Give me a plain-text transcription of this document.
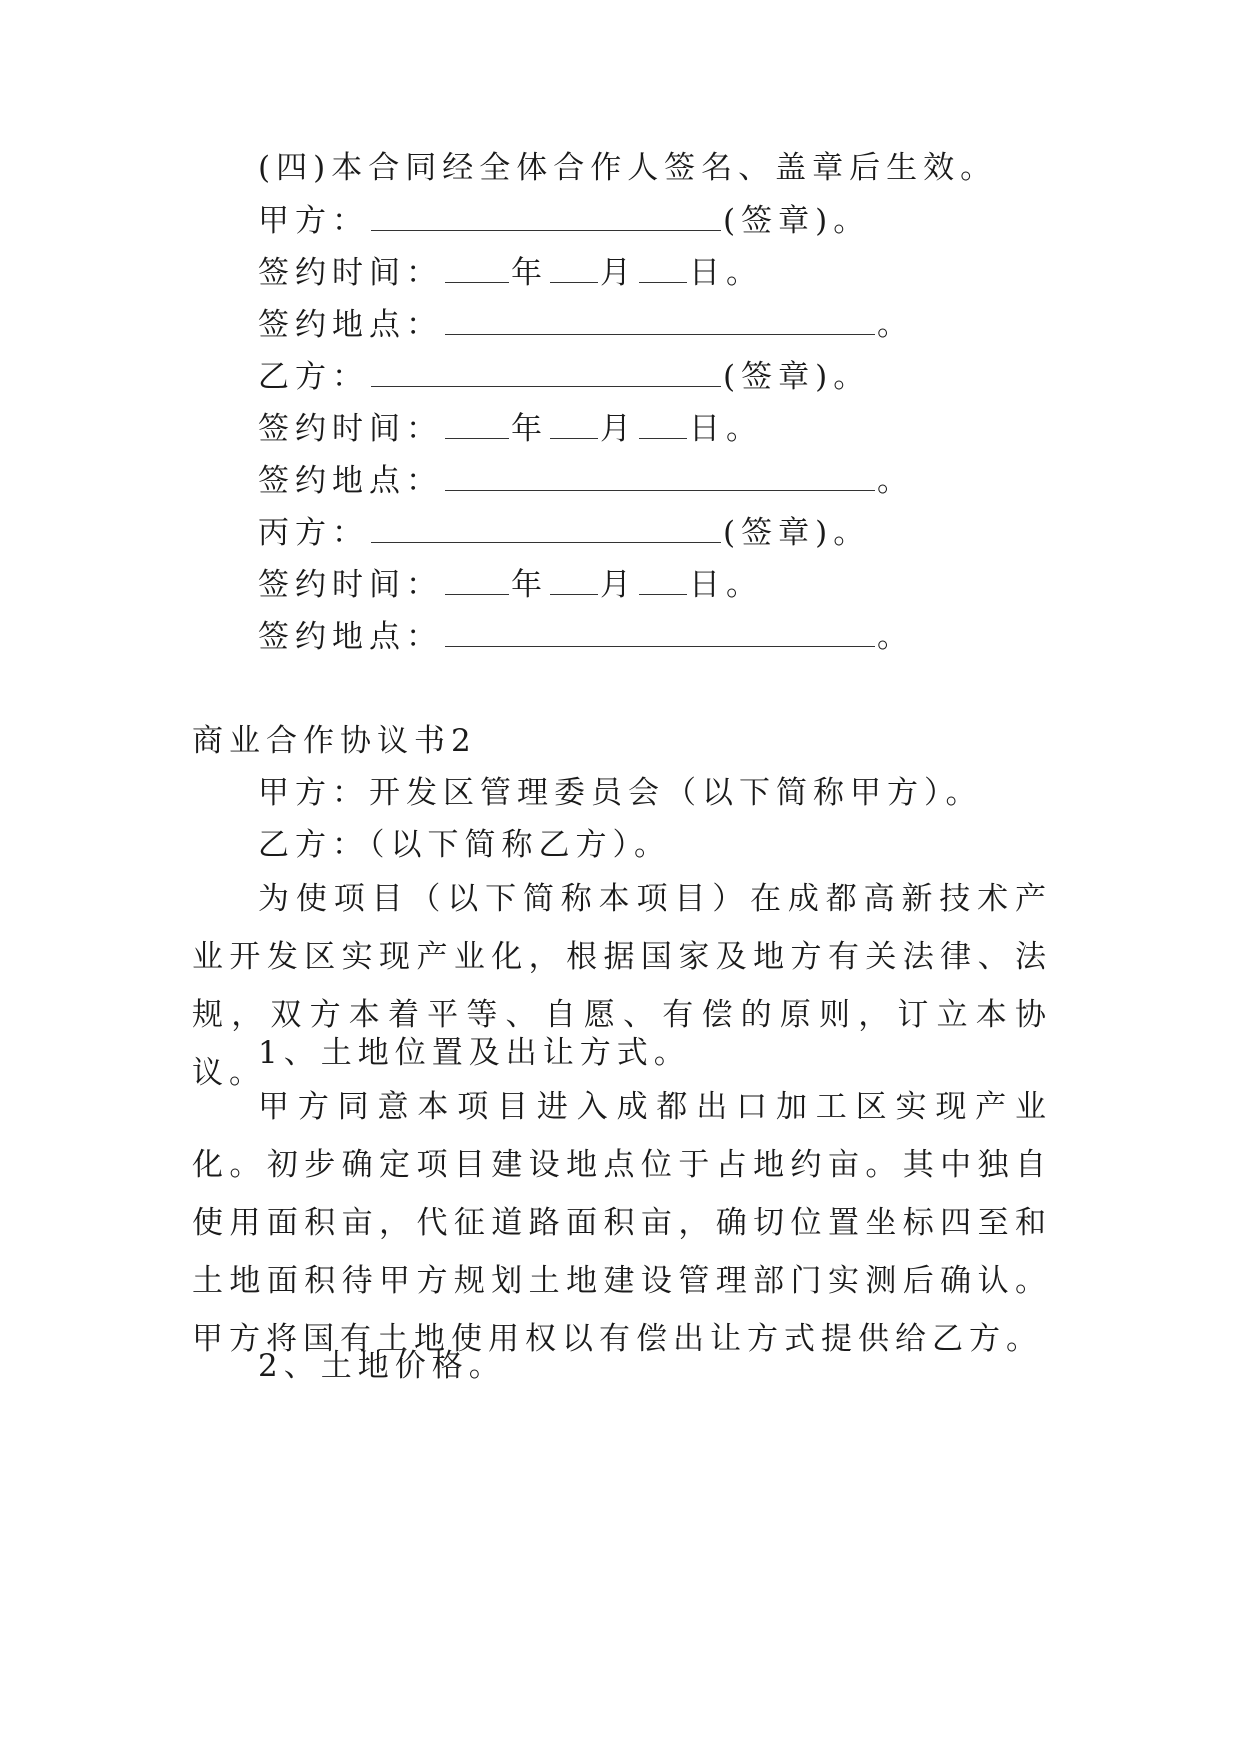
(四)本合同经全体合作人签名、盖章后生效。
甲方：	(签章)。
签约时间： 年 月 日。
签约地点：	。
乙方：	(签章)。
签约时间： 年 月 日。
签约地点：	。
丙方：	(签章)。
签约时间： 年 月 日。
签约地点：	。
商业合作协议书2
甲方：开发区管理委员会（以下简称甲方）。
乙方：（以下简称乙方）。
为使项目（以下简称本项目）在成都高新技术产业开发区实现产业化，根据国家及地方有关法律、法规，双方本着平等、自愿、有偿的原则，订立本协议。
1、土地位置及出让方式。
甲方同意本项目进入成都出口加工区实现产业化。初步确定项目建设地点位于占地约亩。其中独自使用面积亩，代征道路面积亩，确切位置坐标四至和土地面积待甲方规划土地建设管理部门实测后确认。甲方将国有土地使用权以有偿出让方式提供给乙方。
2、土地价格。
